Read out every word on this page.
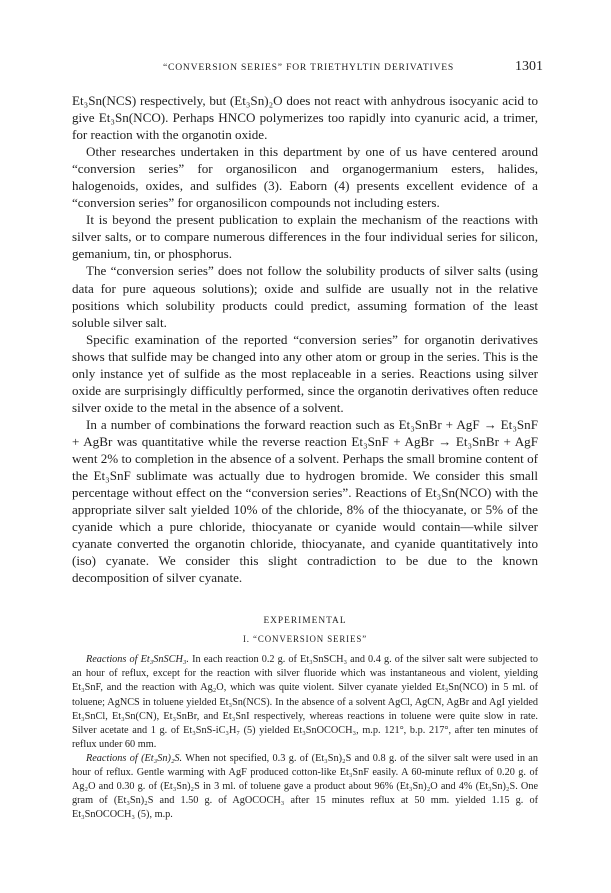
“CONVERSION SERIES” FOR TRIETHYLTIN DERIVATIVES	1301

Et₃Sn(NCS) respectively, but (Et₃Sn)₂O does not react with anhydrous isocyanic acid to give Et₃Sn(NCO). Perhaps HNCO polymerizes too rapidly into cyanuric acid, a trimer, for reaction with the organotin oxide.

Other researches undertaken in this department by one of us have centered around “conversion series” for organosilicon and organogermanium esters, halides, halogenoids, oxides, and sulfides (3). Eaborn (4) presents excellent evidence of a “conversion series” for organosilicon compounds not including esters.

It is beyond the present publication to explain the mechanism of the reactions with silver salts, or to compare numerous differences in the four individual series for silicon, gemanium, tin, or phosphorus.

The “conversion series” does not follow the solubility products of silver salts (using data for pure aqueous solutions); oxide and sulfide are usually not in the relative positions which solubility products could predict, assuming formation of the least soluble silver salt.

Specific examination of the reported “conversion series” for organotin derivatives shows that sulfide may be changed into any other atom or group in the series. This is the only instance yet of sulfide as the most replaceable in a series. Reactions using silver oxide are surprisingly difficultly performed, since the organotin derivatives often reduce silver oxide to the metal in the absence of a solvent.

In a number of combinations the forward reaction such as Et₃SnBr + AgF → Et₃SnF + AgBr was quantitative while the reverse reaction Et₃SnF + AgBr → Et₃SnBr + AgF went 2% to completion in the absence of a solvent. Perhaps the small bromine content of the Et₃SnF sublimate was actually due to hydrogen bromide. We consider this small percentage without effect on the “conversion series”. Reactions of Et₃Sn(NCO) with the appropriate silver salt yielded 10% of the chloride, 8% of the thiocyanate, or 5% of the cyanide which a pure chloride, thiocyanate or cyanide would contain—while silver cyanate converted the organotin chloride, thiocyanate, and cyanide quantitatively into (iso) cyanate. We consider this slight contradiction to be due to the known decomposition of silver cyanate.

EXPERIMENTAL
I. “CONVERSION SERIES”

Reactions of Et₃SnSCH₃. In each reaction 0.2 g. of Et₃SnSCH₃ and 0.4 g. of the silver salt were subjected to an hour of reflux, except for the reaction with silver fluoride which was instantaneous and violent, yielding Et₃SnF, and the reaction with Ag₂O, which was quite violent. Silver cyanate yielded Et₃Sn(NCO) in 5 ml. of toluene; AgNCS in toluene yielded Et₃Sn(NCS). In the absence of a solvent AgCl, AgCN, AgBr and AgI yielded Et₃SnCl, Et₃Sn(CN), Et₃SnBr, and Et₃SnI respectively, whereas reactions in toluene were quite slow in rate. Silver acetate and 1 g. of Et₃SnS-iC₃H₇ (5) yielded Et₃SnOCOCH₃, m.p. 121°, b.p. 217°, after ten minutes of reflux under 60 mm.

Reactions of (Et₃Sn)₂S. When not specified, 0.3 g. of (Et₃Sn)₂S and 0.8 g. of the silver salt were used in an hour of reflux. Gentle warming with AgF produced cotton-like Et₃SnF easily. A 60-minute reflux of 0.20 g. of Ag₂O and 0.30 g. of (Et₃Sn)₂S in 3 ml. of toluene gave a product about 96% (Et₃Sn)₂O and 4% (Et₃Sn)₂S. One gram of (Et₃Sn)₂S and 1.50 g. of AgOCOCH₃ after 15 minutes reflux at 50 mm. yielded 1.15 g. of Et₃SnOCOCH₃ (5), m.p.
